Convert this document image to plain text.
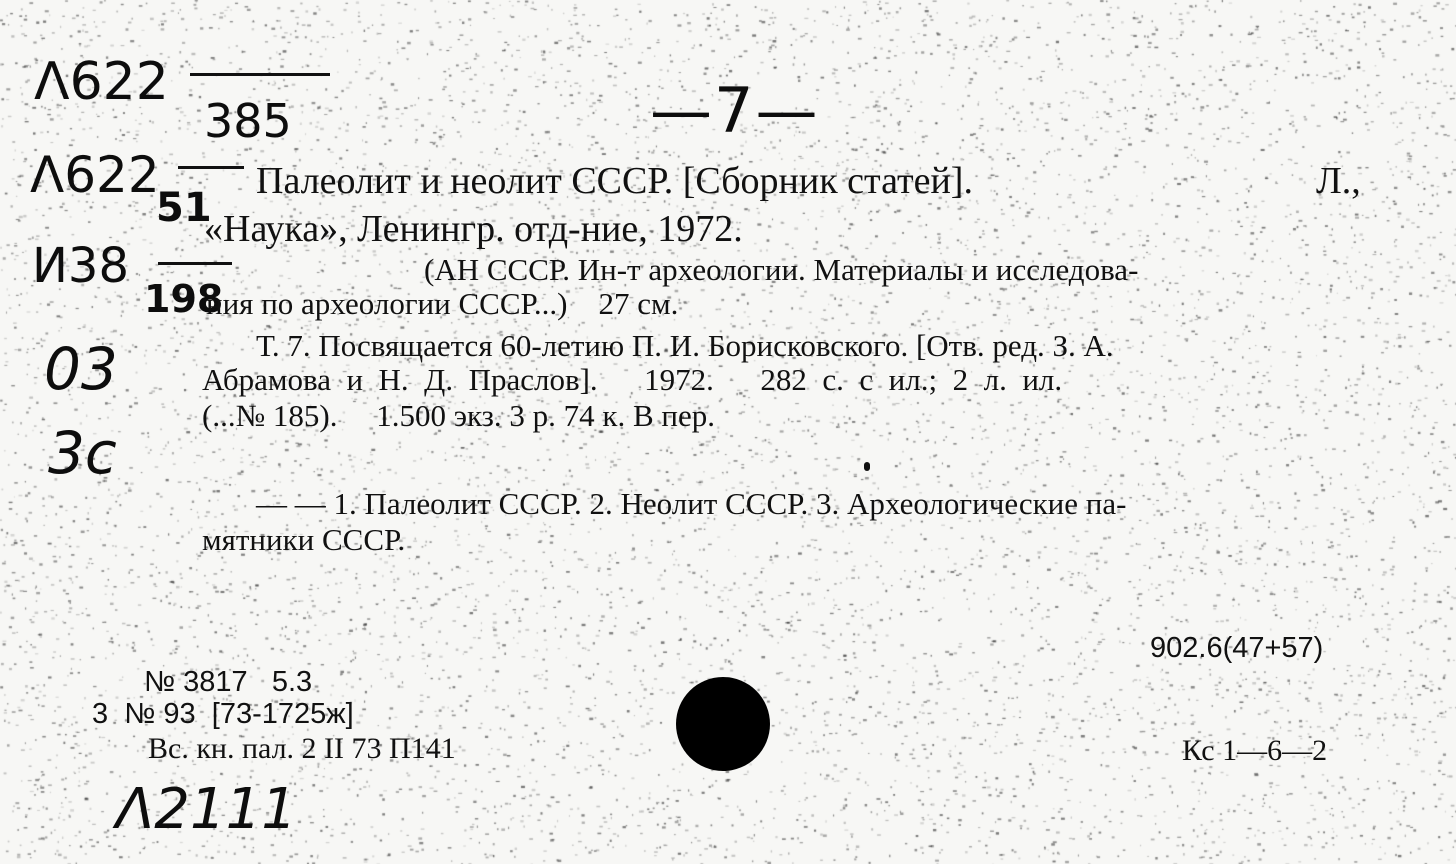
Λ622
385
Λ622
51
И38
198
03
3с
—7—
Палеолит и неолит СССР. [Сборник статей].	Л.,
«Наука», Ленингр. отд-ние, 1972.
(АН СССР. Ин-т археологии. Материалы и исследова-
ния по археологии СССР...)    27 см.
Т. 7. Посвящается 60-летию П. И. Борисковского. [Отв. ред. З. А.
Абрамова  и  Н.  Д.  Праслов].      1972.      282  с.  с  ил.;  2  л.  ил.
(...№ 185).     1.500 экз. 3 р. 74 к. В пер.
— — 1. Палеолит СССР. 2. Неолит СССР. 3. Археологические па-
мятники СССР.
902.6(47+57)
№ 3817   5.3
3  № 93  [73-1725ж]
Вс. кн. пал. 2 II 73 П141	Кс 1—6—2
Λ2111
